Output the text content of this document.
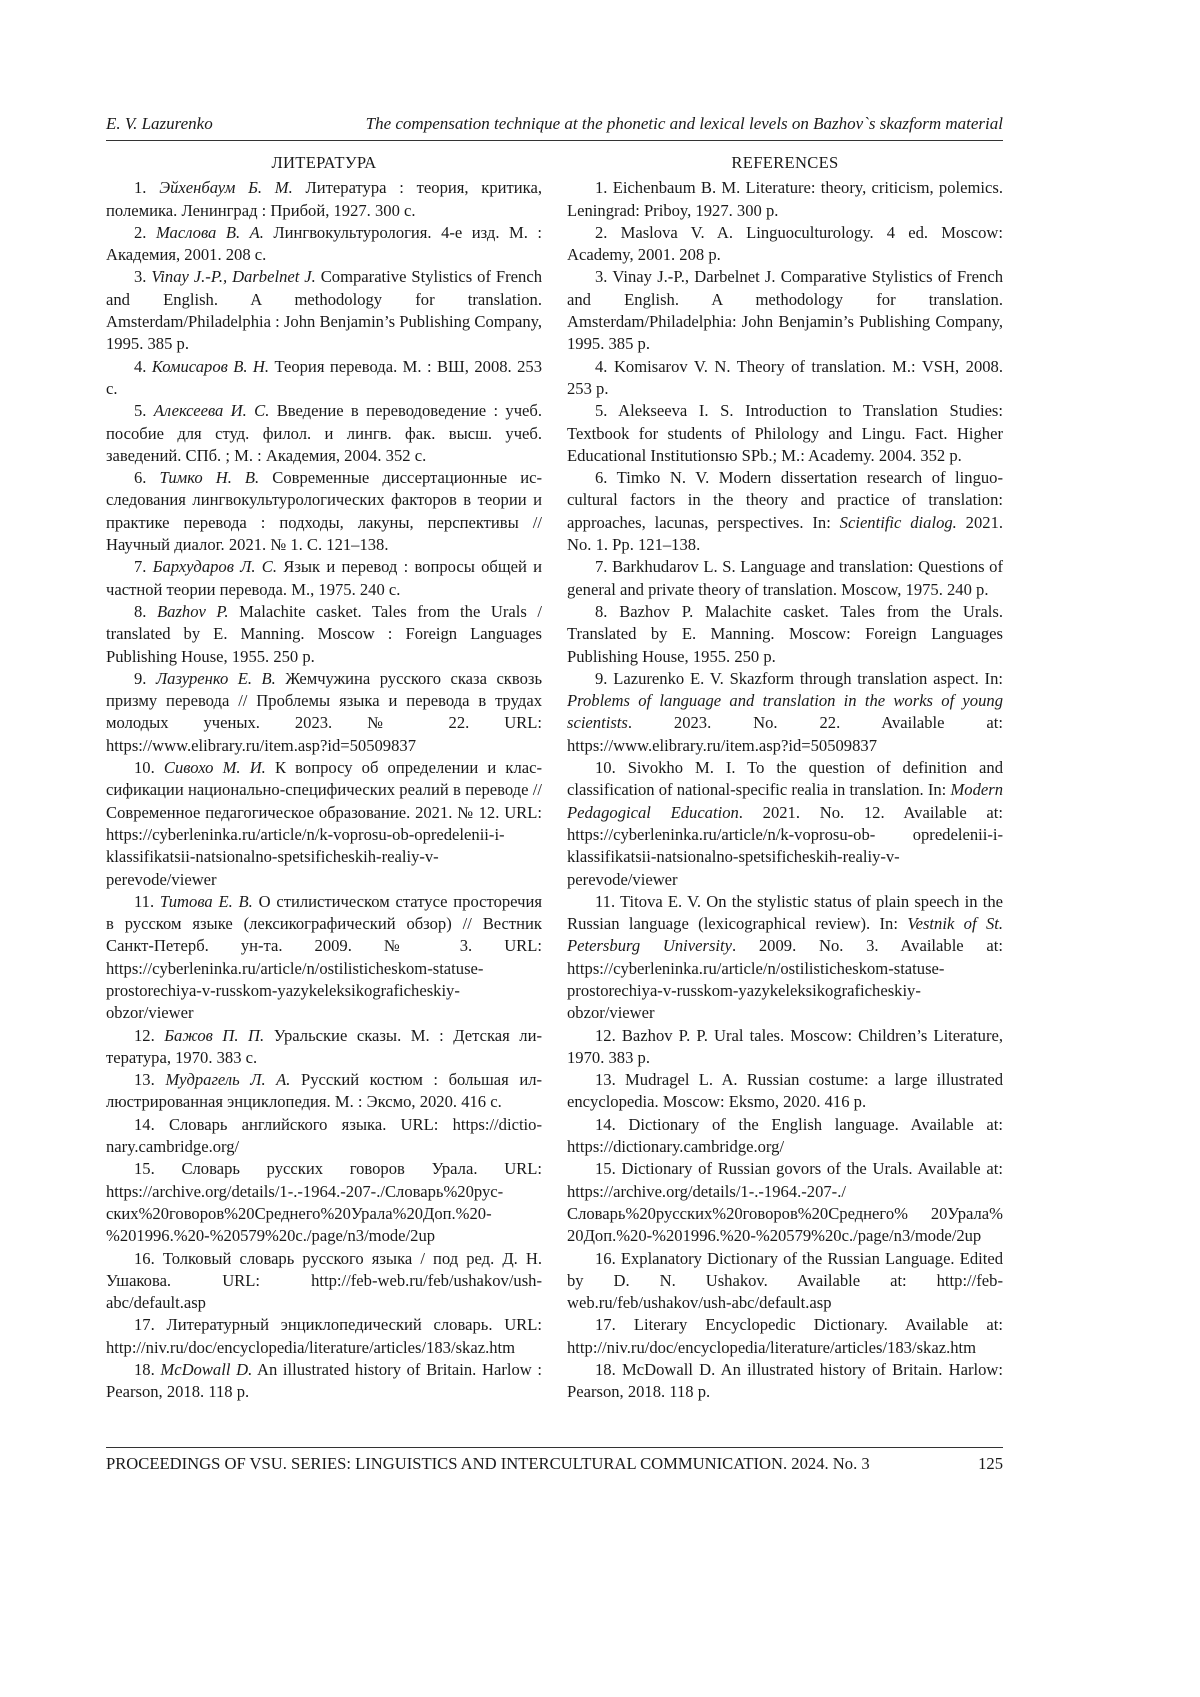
E. V. Lazurenko	The compensation technique at the phonetic and lexical levels on Bazhov`s skazform material
ЛИТЕРАТУРА

1. Эйхенбаум Б. М. Литература : теория, критика, полемика. Ленинград : Прибой, 1927. 300 с.

2. Маслова В. А. Лингвокультурология. 4-е изд. М. : Академия, 2001. 208 с.

3. Vinay J.-P., Darbelnet J. Comparative Stylistics of French and English. A methodology for translation. Amsterdam/Philadelphia : John Benjamin’s Publishing Company, 1995. 385 p.

4. Комисаров В. Н. Теория перевода. М. : ВШ, 2008. 253 с.

5. Алексеева И. С. Введение в переводоведение : учеб. пособие для студ. филол. и лингв. фак. высш. учеб. заведений. СПб. ; М. : Академия, 2004. 352 с.

6. Тимко Н. В. Современные диссертационные исследования лингвокультурологических факторов в теории и практике перевода : подходы, лакуны, перспективы // Научный диалог. 2021. № 1. С. 121–138.

7. Бархударов Л. С. Язык и перевод : вопросы общей и частной теории перевода. М., 1975. 240 с.

8. Bazhov P. Malachite casket. Tales from the Urals / translated by E. Manning. Moscow : Foreign Languages Publishing House, 1955. 250 p.

9. Лазуренко Е. В. Жемчужина русского сказа сквозь призму перевода // Проблемы языка и перевода в трудах молодых ученых. 2023. № 22. URL: https://www.elibrary.ru/item.asp?id=50509837

10. Сивохо М. И. К вопросу об определении и классификации национально-специфических реалий в переводе // Современное педагогическое образование. 2021. № 12. URL: https://cyberleninka.ru/article/n/k-voprosu-ob-opredelenii-i-klassifikatsii-natsionalno-spetsificheskih-realiy-v-perevode/viewer

11. Титова Е. В. О стилистическом статусе просторечия в русском языке (лексикографический обзор) // Вестник Санкт-Петерб. ун-та. 2009. № 3. URL: https://cyberleninka.ru/article/n/ostilisticheskom-statuse-prostorechiya-v-russkom-yazykeleksikograficheskiy-obzor/viewer

12. Бажов П. П. Уральские сказы. М. : Детская литература, 1970. 383 с.

13. Мудрагель Л. А. Русский костюм : большая иллюстрированная энциклопедия. М. : Эксмо, 2020. 416 с.

14. Словарь английского языка. URL: https://dictionary.cambridge.org/

15. Словарь русских говоров Урала. URL: https://archive.org/details/1-.-1964.-207-./Словарь%20русских%20говоров%20Среднего%20Урала%20Доп.%20-%201996.%20-%20579%20с./page/n3/mode/2up

16. Толковый словарь русского языка / под ред. Д. Н. Ушакова. URL: http://feb-web.ru/feb/ushakov/ush-abc/default.asp

17. Литературный энциклопедический словарь. URL: http://niv.ru/doc/encyclopedia/literature/articles/183/skaz.htm

18. McDowall D. An illustrated history of Britain. Harlow : Pearson, 2018. 118 p.

REFERENCES

1. Eichenbaum B. M. Literature: theory, criticism, polemics. Leningrad: Priboy, 1927. 300 p.

2. Maslova V. A. Linguoculturology. 4 ed. Moscow: Academy, 2001. 208 p.

3. Vinay J.-P., Darbelnet J. Comparative Stylistics of French and English. A methodology for translation. Amsterdam/Philadelphia: John Benjamin’s Publishing Company, 1995. 385 p.

4. Komisarov V. N. Theory of translation. M.: VSH, 2008. 253 p.

5. Alekseeva I. S. Introduction to Translation Studies: Textbook for students of Philology and Lingu. Fact. Higher Educational Institutionsю SPb.; M.: Academy. 2004. 352 p.

6. Timko N. V. Modern dissertation research of linguocultural factors in the theory and practice of translation: approaches, lacunas, perspectives. In: Scientific dialog. 2021. No. 1. Pp. 121–138.

7. Barkhudarov L. S. Language and translation: Questions of general and private theory of translation. Moscow, 1975. 240 p.

8. Bazhov P. Malachite casket. Tales from the Urals. Translated by E. Manning. Moscow: Foreign Languages Publishing House, 1955. 250 p.

9. Lazurenko E. V. Skazform through translation aspect. In: Problems of language and translation in the works of young scientists. 2023. No. 22. Available at: https://www.elibrary.ru/item.asp?id=50509837

10. Sivokho M. I. To the question of definition and classification of national-specific realia in translation. In: Modern Pedagogical Education. 2021. No. 12. Available at: https://cyberleninka.ru/article/n/k-voprosu-ob- opredelenii-i-klassifikatsii-natsionalno-spetsificheskih-realiy-v-perevode/viewer

11. Titova E. V. On the stylistic status of plain speech in the Russian language (lexicographical review). In: Vestnik of St. Petersburg University. 2009. No. 3. Available at: https://cyberleninka.ru/article/n/ostilisticheskom-statuse-prostorechiya-v-russkom-yazykeleksikograficheskiy-obzor/viewer

12. Bazhov P. P. Ural tales. Moscow: Children’s Literature, 1970. 383 p.

13. Mudragel L. A. Russian costume: a large illustrated encyclopedia. Moscow: Eksmo, 2020. 416 p.

14. Dictionary of the English language. Available at: https://dictionary.cambridge.org/

15. Dictionary of Russian govors of the Urals. Available at: https://archive.org/details/1-.-1964.-207-./Словарь%20русских%20говоров%20Среднего% 20Урала% 20Доп.%20-%201996.%20-%20579%20c./page/n3/mode/2up

16. Explanatory Dictionary of the Russian Language. Edited by D. N. Ushakov. Available at: http://feb-web.ru/feb/ushakov/ush-abc/default.asp

17. Literary Encyclopedic Dictionary. Available at: http://niv.ru/doc/encyclopedia/literature/articles/183/skaz.htm

18. McDowall D. An illustrated history of Britain. Harlow: Pearson, 2018. 118 p.

PROCEEDINGS OF VSU. SERIES: LINGUISTICS AND INTERCULTURAL COMMUNICATION. 2024. No. 3	125
